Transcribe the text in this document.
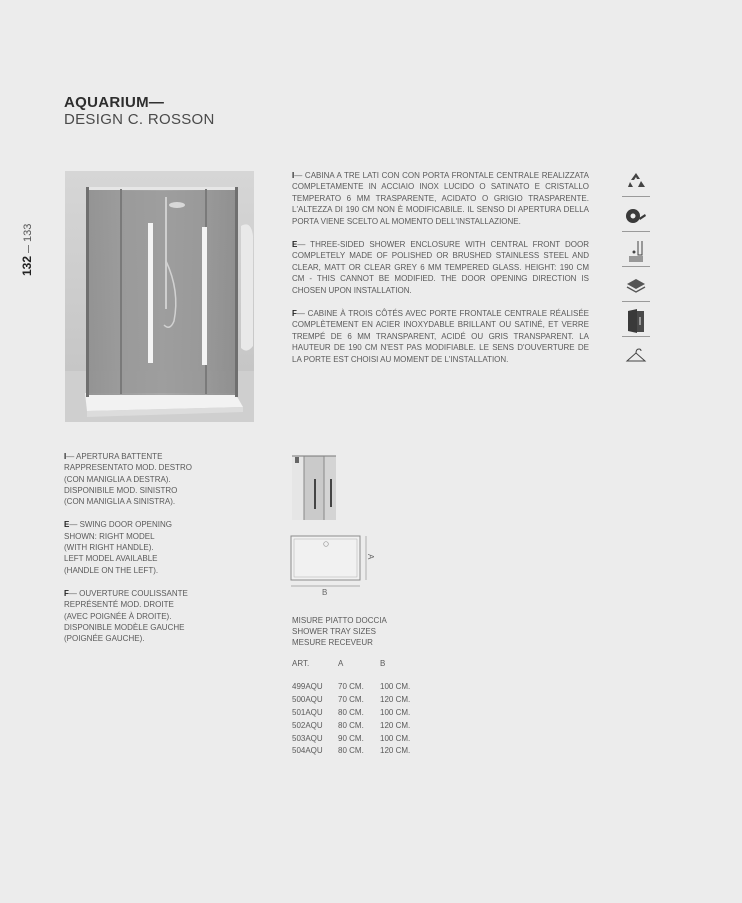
AQUARIUM—
DESIGN C. ROSSON
132133

I— CABINA A TRE LATI CON CON PORTA FRONTALE CENTRALE REALIZZATA COMPLETAMENTE IN ACCIAIO INOX LUCIDO O SATINATO E CRISTALLO TEMPERATO 6 MM TRASPARENTE, ACIDATO O GRIGIO TRASPARENTE. L'ALTEZZA DI 190 CM NON È MODIFICABILE. IL SENSO DI APERTURA DELLA PORTA VIENE SCELTO AL MOMENTO DELL'INSTALLAZIONE.

E— THREE-SIDED SHOWER ENCLOSURE WITH CENTRAL FRONT DOOR COMPLETELY MADE OF POLISHED OR BRUSHED STAINLESS STEEL AND CLEAR, MATT OR CLEAR GREY 6 MM TEMPERED GLASS. HEIGHT: 190 CM CM - THIS CANNOT BE MODIFIED. THE DOOR OPENING DIRECTION IS CHOSEN UPON INSTALLATION.

F— CABINE À TROIS CÔTÉS AVEC PORTE FRONTALE CENTRALE RÉALISÉE COMPLÈTEMENT EN ACIER INOXYDABLE BRILLANT OU SATINÉ, ET VERRE TREMPÉ DE 6 MM TRANSPARENT, ACIDÉ OU GRIS TRANSPARENT. LA HAUTEUR DE 190 CM N'EST PAS MODIFIABLE. LE SENS D'OUVERTURE DE LA PORTE EST CHOISI AU MOMENT DE L'INSTALLATION.

I— APERTURA BATTENTE
RAPPRESENTATO MOD. DESTRO
(CON MANIGLIA A DESTRA).
DISPONIBILE MOD. SINISTRO
(CON MANIGLIA A SINISTRA).

E— SWING DOOR OPENING
SHOWN: RIGHT MODEL
(WITH RIGHT HANDLE).
LEFT MODEL AVAILABLE
(HANDLE ON THE LEFT).

F— OUVERTURE COULISSANTE
REPRÉSENTÉ MOD. DROITE
(AVEC POIGNÉE À DROITE).
DISPONIBLE MODÈLE GAUCHE
(POIGNÉE GAUCHE).

A
B
MISURE PIATTO DOCCIA
SHOWER TRAY SIZES
MESURE RECEVEUR
ART.	A	B

499AQU	70 CM.	100 CM.
500AQU	70 CM.	120 CM.
501AQU	80 CM.	100 CM.
502AQU	80 CM.	120 CM.
503AQU	90 CM.	100 CM.
504AQU	80 CM.	120 CM.
